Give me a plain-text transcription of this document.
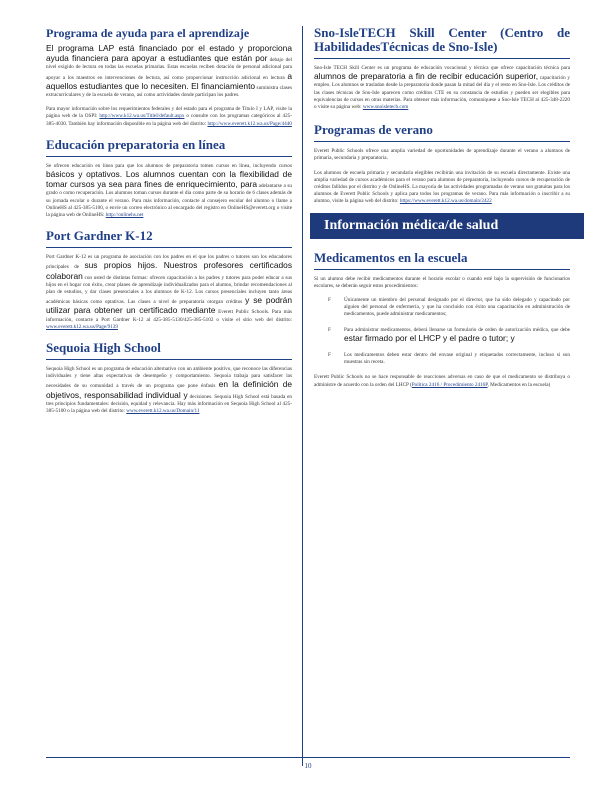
Programa de ayuda para el aprendizaje

El programa LAP está financiado por el estado y proporciona ayuda financiera para apoyar a estudiantes que están por debajo del nivel exigido de lectura en todas las escuelas primarias. Estas escuelas reciben dotación de personal adicional para apoyar a los maestros en intervenciones de lectura, así como proporcionar instrucción adicional en lectura a aquellos estudiantes que lo necesiten. El financiamiento suministra clases extracurriculares y de la escuela de verano, así como actividades donde participan los padres.

Para mayor información sobre los requerimientos federales y del estado para el programa de Título I y LAP, visite la página web de la OSPI: http://www.k12.wa.us/TitleI/default.aspx o consulte con los programas categóricos al 425-385-4030. También hay información disponible en la página web del distrito: http://www.everett.k12.wa.us/Page/4440

Educación preparatoria en línea

Se ofrecen educación en línea para que los alumnos de preparatoria tomen cursos en línea, incluyendo cursos básicos y optativos. Los alumnos cuentan con la flexibilidad de tomar cursos ya sea para fines de enriquecimiento, para adelantarse a su grado o como recuperación. Los alumnos toman cursos durante el día como parte de su horario de 6 clases además de su jornada escolar o durante el verano. Para más información, contacte al consejero escolar del alumno o llame a OnlineHS al 425-385-5100, o envíe un correo electrónico al encargado del registro en OnlineHS@everett.org o visite la página web de OnlineHS: http://onlinehs.net

Port Gardner K-12

Port Gardner K-12 es un programa de asociación con los padres en el que los padres o tutores son los educadores principales de sus propios hijos. Nuestros profesores certificados colaboran con usted de distintas formas: ofrecen capacitación a los padres y tutores para poder educar a sus hijos en el hogar con éxito, crear planes de aprendizaje individualizados para el alumno, brindar recomendaciones al plan de estudios, y dar clases presenciales a los alumnos de K-12. Los cursos presenciales incluyen tanto áreas académicas básicas como optativas. Las clases a nivel de preparatoria otorgan créditos y se podrán utilizar para obtener un certificado mediante Everett Public Schools. Para más información, contacte a Port Gardner K-12 al 425-385-5130/425-385-5102 o visite el sitio web del distrito: www.everett.k12.wa.us/Page/9139

Sequoia High School

Sequoia High School es un programa de educación alternativo con un ambiente positivo, que reconoce las diferencias individuales y tiene altas expectativas de desempeño y comportamiento. Sequoia trabaja para satisfacer las necesidades de su comunidad a través de un programa que pone énfasis en la definición de objetivos, responsabilidad individual y decisiones. Sequoia High School está basada en tres principios fundamentales: decisión, equidad y relevancia. Hay más información en Sequoia High School al 425-385-5100 o la página web del distrito: www.everett.k12.wa.us/Domain/11

Sno-IsleTECH Skill Center (Centro de HabilidadesTécnicas de Sno-Isle)

Sno-Isle TECH Skill Center es un programa de educación vocacional y técnica que ofrece capacitación técnica para alumnos de preparatoria a fin de recibir educación superior, capacitación y empleo. Los alumnos se trasladan desde la preparatoria donde pasan la mitad del día y el resto en Sno-Isle. Los créditos de las clases técnicas de Sno-Isle aparecen como créditos CTE en su constancia de estudios y pueden ser elegibles para equivalencias de cursos en otras materias. Para obtener más información, comuníquese a Sno-Isle TECH al 425-348-2220 o visite su página web: www.snoisletech.com

Programas de verano

Everett Public Schools ofrece una amplia variedad de oportunidades de aprendizaje durante el verano a alumnos de primaria, secundaria y preparatoria.

Los alumnos de escuela primaria y secundaria elegibles recibirán una invitación de su escuela directamente. Existe una amplia variedad de cursos académicos para el verano para alumnos de preparatoria, incluyendo cursos de recuperación de créditos fallidos por el distrito y de OnlineHS. La mayoría de las actividades programadas de verano son gratuitas para los alumnos de Everett Public Schools y aplica para todos los programas de verano. Para más información o inscribir a su alumno, visite la página web del distrito: https://www.everett.k12.wa.us/domain/2422

Información médica/de salud
Medicamentos en la escuela

Si un alumno debe recibir medicamentos durante el horario escolar o cuando esté bajo la supervisión de funcionarios escolares, se deberán seguir estos procedimientos:

F	Únicamente un miembro del personal designado por el director, que ha sido delegado y capacitado por alguien del personal de enfermería, y que ha concluido con éxito una capacitación en administración de medicamentos, puede administrar medicamentos;
F	Para administrar medicamentos, deberá llenarse un formulario de orden de autorización médica, que debe estar firmado por el LHCP y el padre o tutor; y
F	Los medicamentos deben estar dentro del envase original y etiquetados correctamente, incluso si son muestras sin receta.

Everett Public Schools no se hace responsable de reacciones adversas en caso de que el medicamento se distribuya o administre de acuerdo con la orden del LHCP (Política 2416 / Procedimiento 2416P, Medicamentos en la escuela)

10
